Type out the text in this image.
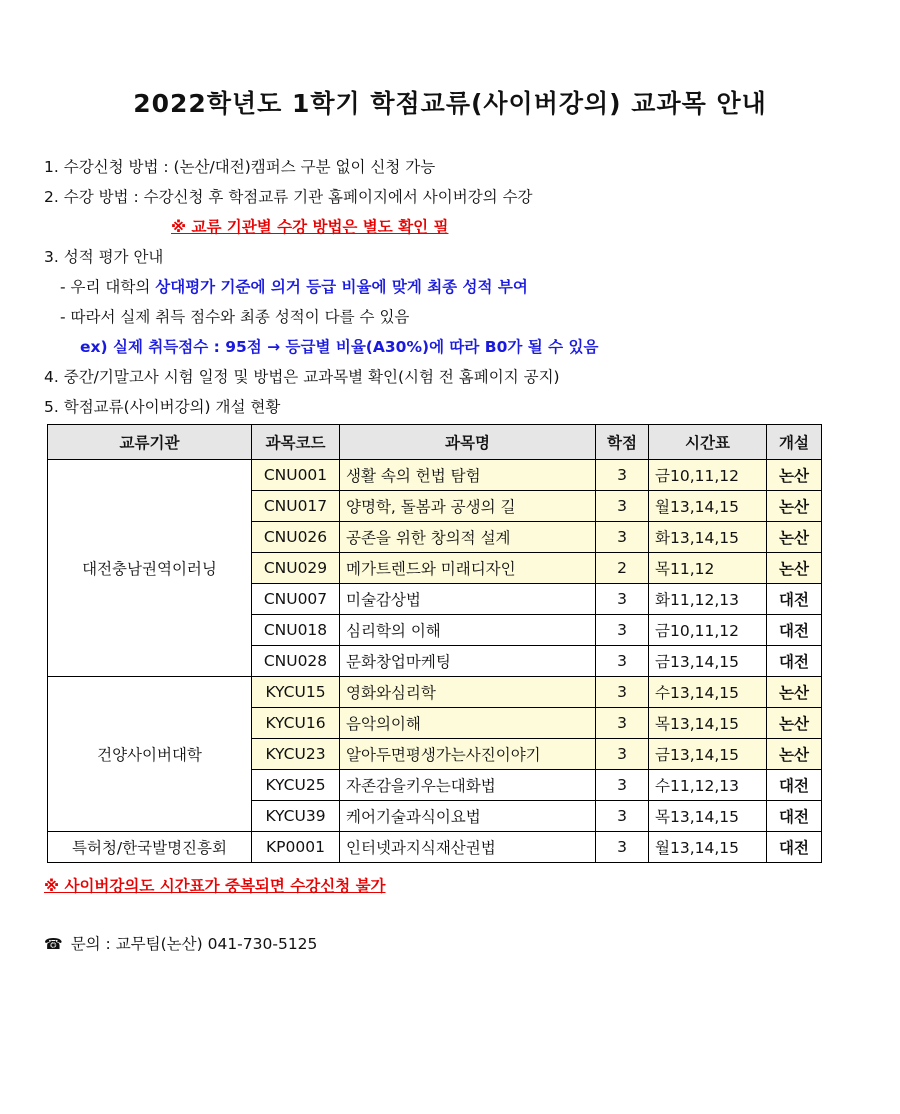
2022학년도 1학기 학점교류(사이버강의) 교과목 안내
1. 수강신청 방법 : (논산/대전)캠퍼스 구분 없이 신청 가능
2. 수강 방법 : 수강신청 후 학점교류 기관 홈페이지에서 사이버강의 수강
※ 교류 기관별 수강 방법은 별도 확인 필
3. 성적 평가 안내
- 우리 대학의 상대평가 기준에 의거 등급 비율에 맞게 최종 성적 부여
- 따라서 실제 취득 점수와 최종 성적이 다를 수 있음
ex) 실제 취득점수 : 95점 → 등급별 비율(A30%)에 따라 B0가 될 수 있음
4. 중간/기말고사 시험 일정 및 방법은 교과목별 확인(시험 전 홈페이지 공지)
5. 학점교류(사이버강의) 개설 현황
교류기관	과목코드	과목명	학점	시간표	개설
대전충남권역이러닝	CNU001	생활 속의 헌법 탐험	3	금10,11,12	논산
	CNU017	양명학, 돌봄과 공생의 길	3	월13,14,15	논산
	CNU026	공존을 위한 창의적 설계	3	화13,14,15	논산
	CNU029	메가트렌드와 미래디자인	2	목11,12	논산
	CNU007	미술감상법	3	화11,12,13	대전
	CNU018	심리학의 이해	3	금10,11,12	대전
	CNU028	문화창업마케팅	3	금13,14,15	대전
건양사이버대학	KYCU15	영화와심리학	3	수13,14,15	논산
	KYCU16	음악의이해	3	목13,14,15	논산
	KYCU23	알아두면평생가는사진이야기	3	금13,14,15	논산
	KYCU25	자존감을키우는대화법	3	수11,12,13	대전
	KYCU39	케어기술과식이요법	3	목13,14,15	대전
특허청/한국발명진흥회	KP0001	인터넷과지식재산권법	3	월13,14,15	대전
※ 사이버강의도 시간표가 중복되면 수강신청 불가
☎ 문의 : 교무팀(논산) 041-730-5125
